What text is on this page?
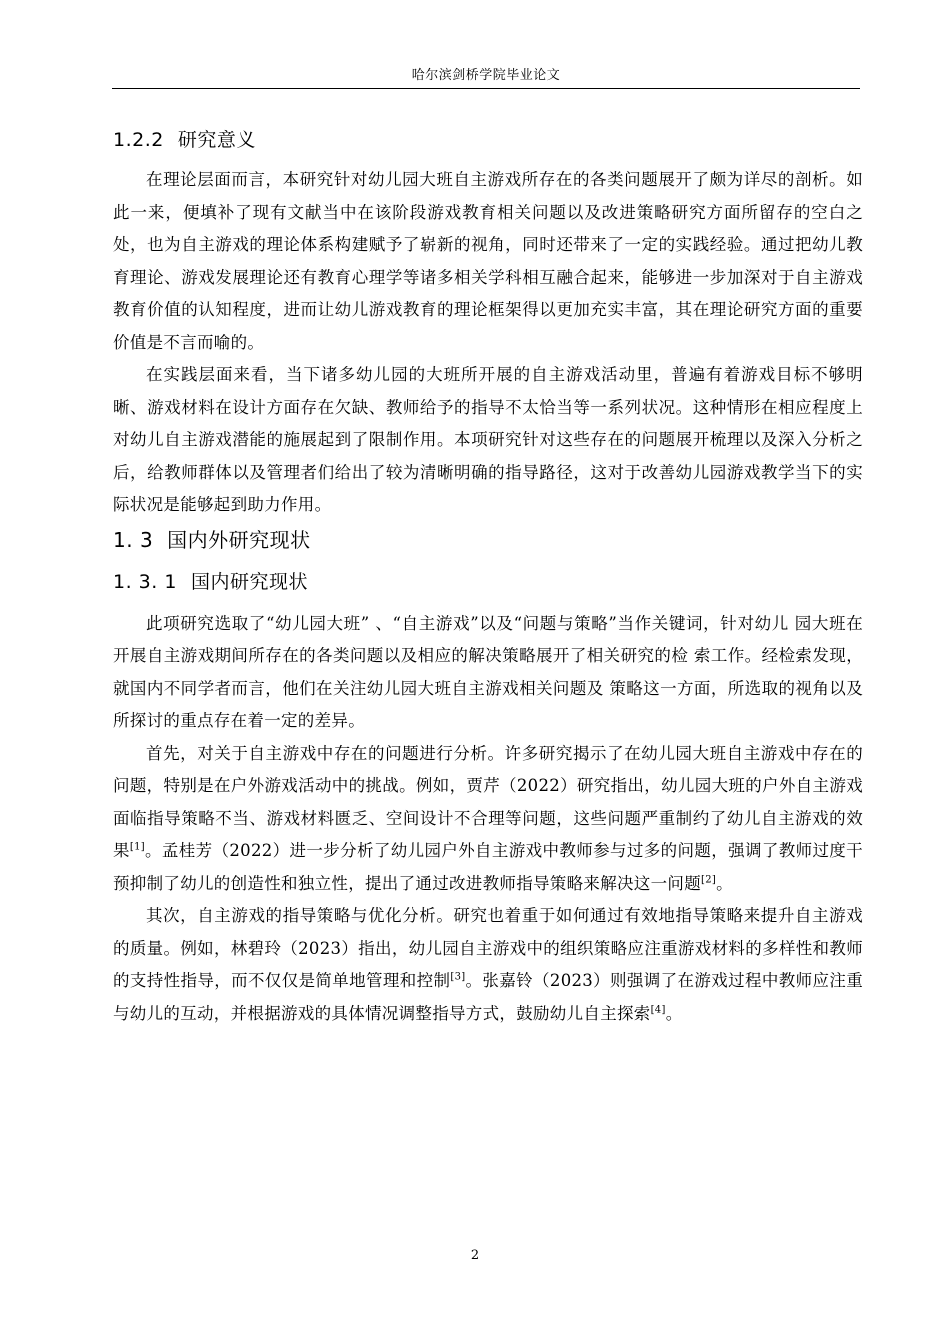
哈尔滨剑桥学院毕业论文
1.2.2 研究意义

在理论层面而言，本研究针对幼儿园大班自主游戏所存在的各类问题展开了颇为详尽的剖析。如此一来，便填补了现有文献当中在该阶段游戏教育相关问题以及改进策略研究方面所留存的空白之处，也为自主游戏的理论体系构建赋予了崭新的视角，同时还带来了一定的实践经验。通过把幼儿教育理论、游戏发展理论还有教育心理学等诸多相关学科相互融合起来，能够进一步加深对于自主游戏教育价值的认知程度，进而让幼儿游戏教育的理论框架得以更加充实丰富，其在理论研究方面的重要价值是不言而喻的。

在实践层面来看，当下诸多幼儿园的大班所开展的自主游戏活动里，普遍有着游戏目标不够明晰、游戏材料在设计方面存在欠缺、教师给予的指导不太恰当等一系列状况。这种情形在相应程度上对幼儿自主游戏潜能的施展起到了限制作用。本项研究针对这些存在的问题展开梳理以及深入分析之后，给教师群体以及管理者们给出了较为清晰明确的指导路径，这对于改善幼儿园游戏教学当下的实际状况是能够起到助力作用。

1. 3 国内外研究现状
1. 3. 1 国内研究现状

此项研究选取了“幼儿园大班” 、“自主游戏”以及“问题与策略”当作关键词，针对幼儿 园大班在开展自主游戏期间所存在的各类问题以及相应的解决策略展开了相关研究的检 索工作。经检索发现，就国内不同学者而言，他们在关注幼儿园大班自主游戏相关问题及 策略这一方面，所选取的视角以及所探讨的重点存在着一定的差异。

首先，对关于自主游戏中存在的问题进行分析。许多研究揭示了在幼儿园大班自主游戏中存在的问题，特别是在户外游戏活动中的挑战。例如，贾芹（2022）研究指出，幼儿园大班的户外自主游戏面临指导策略不当、游戏材料匮乏、空间设计不合理等问题，这些问题严重制约了幼儿自主游戏的效果[1]。孟桂芳（2022）进一步分析了幼儿园户外自主游戏中教师参与过多的问题，强调了教师过度干预抑制了幼儿的创造性和独立性，提出了通过改进教师指导策略来解决这一问题[2]。

其次，自主游戏的指导策略与优化分析。研究也着重于如何通过有效地指导策略来提升自主游戏的质量。例如，林碧玲（2023）指出，幼儿园自主游戏中的组织策略应注重游戏材料的多样性和教师的支持性指导，而不仅仅是简单地管理和控制[3]。张嘉铃（2023）则强调了在游戏过程中教师应注重与幼儿的互动，并根据游戏的具体情况调整指导方式，鼓励幼儿自主探索[4]。

2
